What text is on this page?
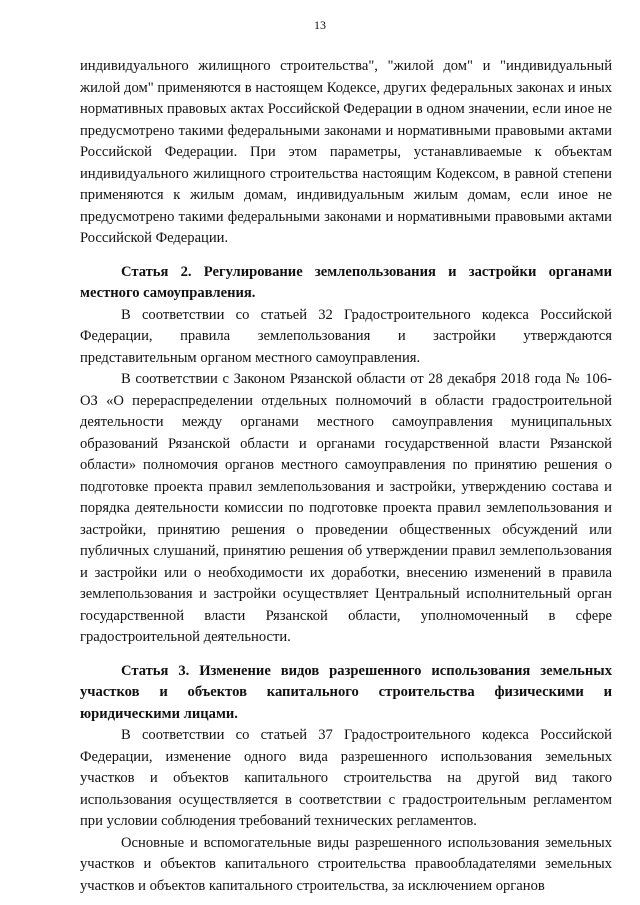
13

индивидуального жилищного строительства", "жилой дом" и "индивидуальный жилой дом" применяются в настоящем Кодексе, других федеральных законах и иных нормативных правовых актах Российской Федерации в одном значении, если иное не предусмотрено такими федеральными законами и нормативными правовыми актами Российской Федерации. При этом параметры, устанавливаемые к объектам индивидуального жилищного строительства настоящим Кодексом, в равной степени применяются к жилым домам, индивидуальным жилым домам, если иное не предусмотрено такими федеральными законами и нормативными правовыми актами Российской Федерации.

Статья 2. Регулирование землепользования и застройки органами местного самоуправления.

В соответствии со статьей 32 Градостроительного кодекса Российской Федерации, правила землепользования и застройки утверждаются представительным органом местного самоуправления.

В соответствии с Законом Рязанской области от 28 декабря 2018 года № 106-ОЗ «О перераспределении отдельных полномочий в области градостроительной деятельности между органами местного самоуправления муниципальных образований Рязанской области и органами государственной власти Рязанской области» полномочия органов местного самоуправления по принятию решения о подготовке проекта правил землепользования и застройки, утверждению состава и порядка деятельности комиссии по подготовке проекта правил землепользования и застройки, принятию решения о проведении общественных обсуждений или публичных слушаний, принятию решения об утверждении правил землепользования и застройки или о необходимости их доработки, внесению изменений в правила землепользования и застройки осуществляет Центральный исполнительный орган государственной власти Рязанской области, уполномоченный в сфере градостроительной деятельности.

Статья 3. Изменение видов разрешенного использования земельных участков и объектов капитального строительства физическими и юридическими лицами.

В соответствии со статьей 37 Градостроительного кодекса Российской Федерации, изменение одного вида разрешенного использования земельных участков и объектов капитального строительства на другой вид такого использования осуществляется в соответствии с градостроительным регламентом при условии соблюдения требований технических регламентов.

Основные и вспомогательные виды разрешенного использования земельных участков и объектов капитального строительства правообладателями земельных участков и объектов капитального строительства, за исключением органов
